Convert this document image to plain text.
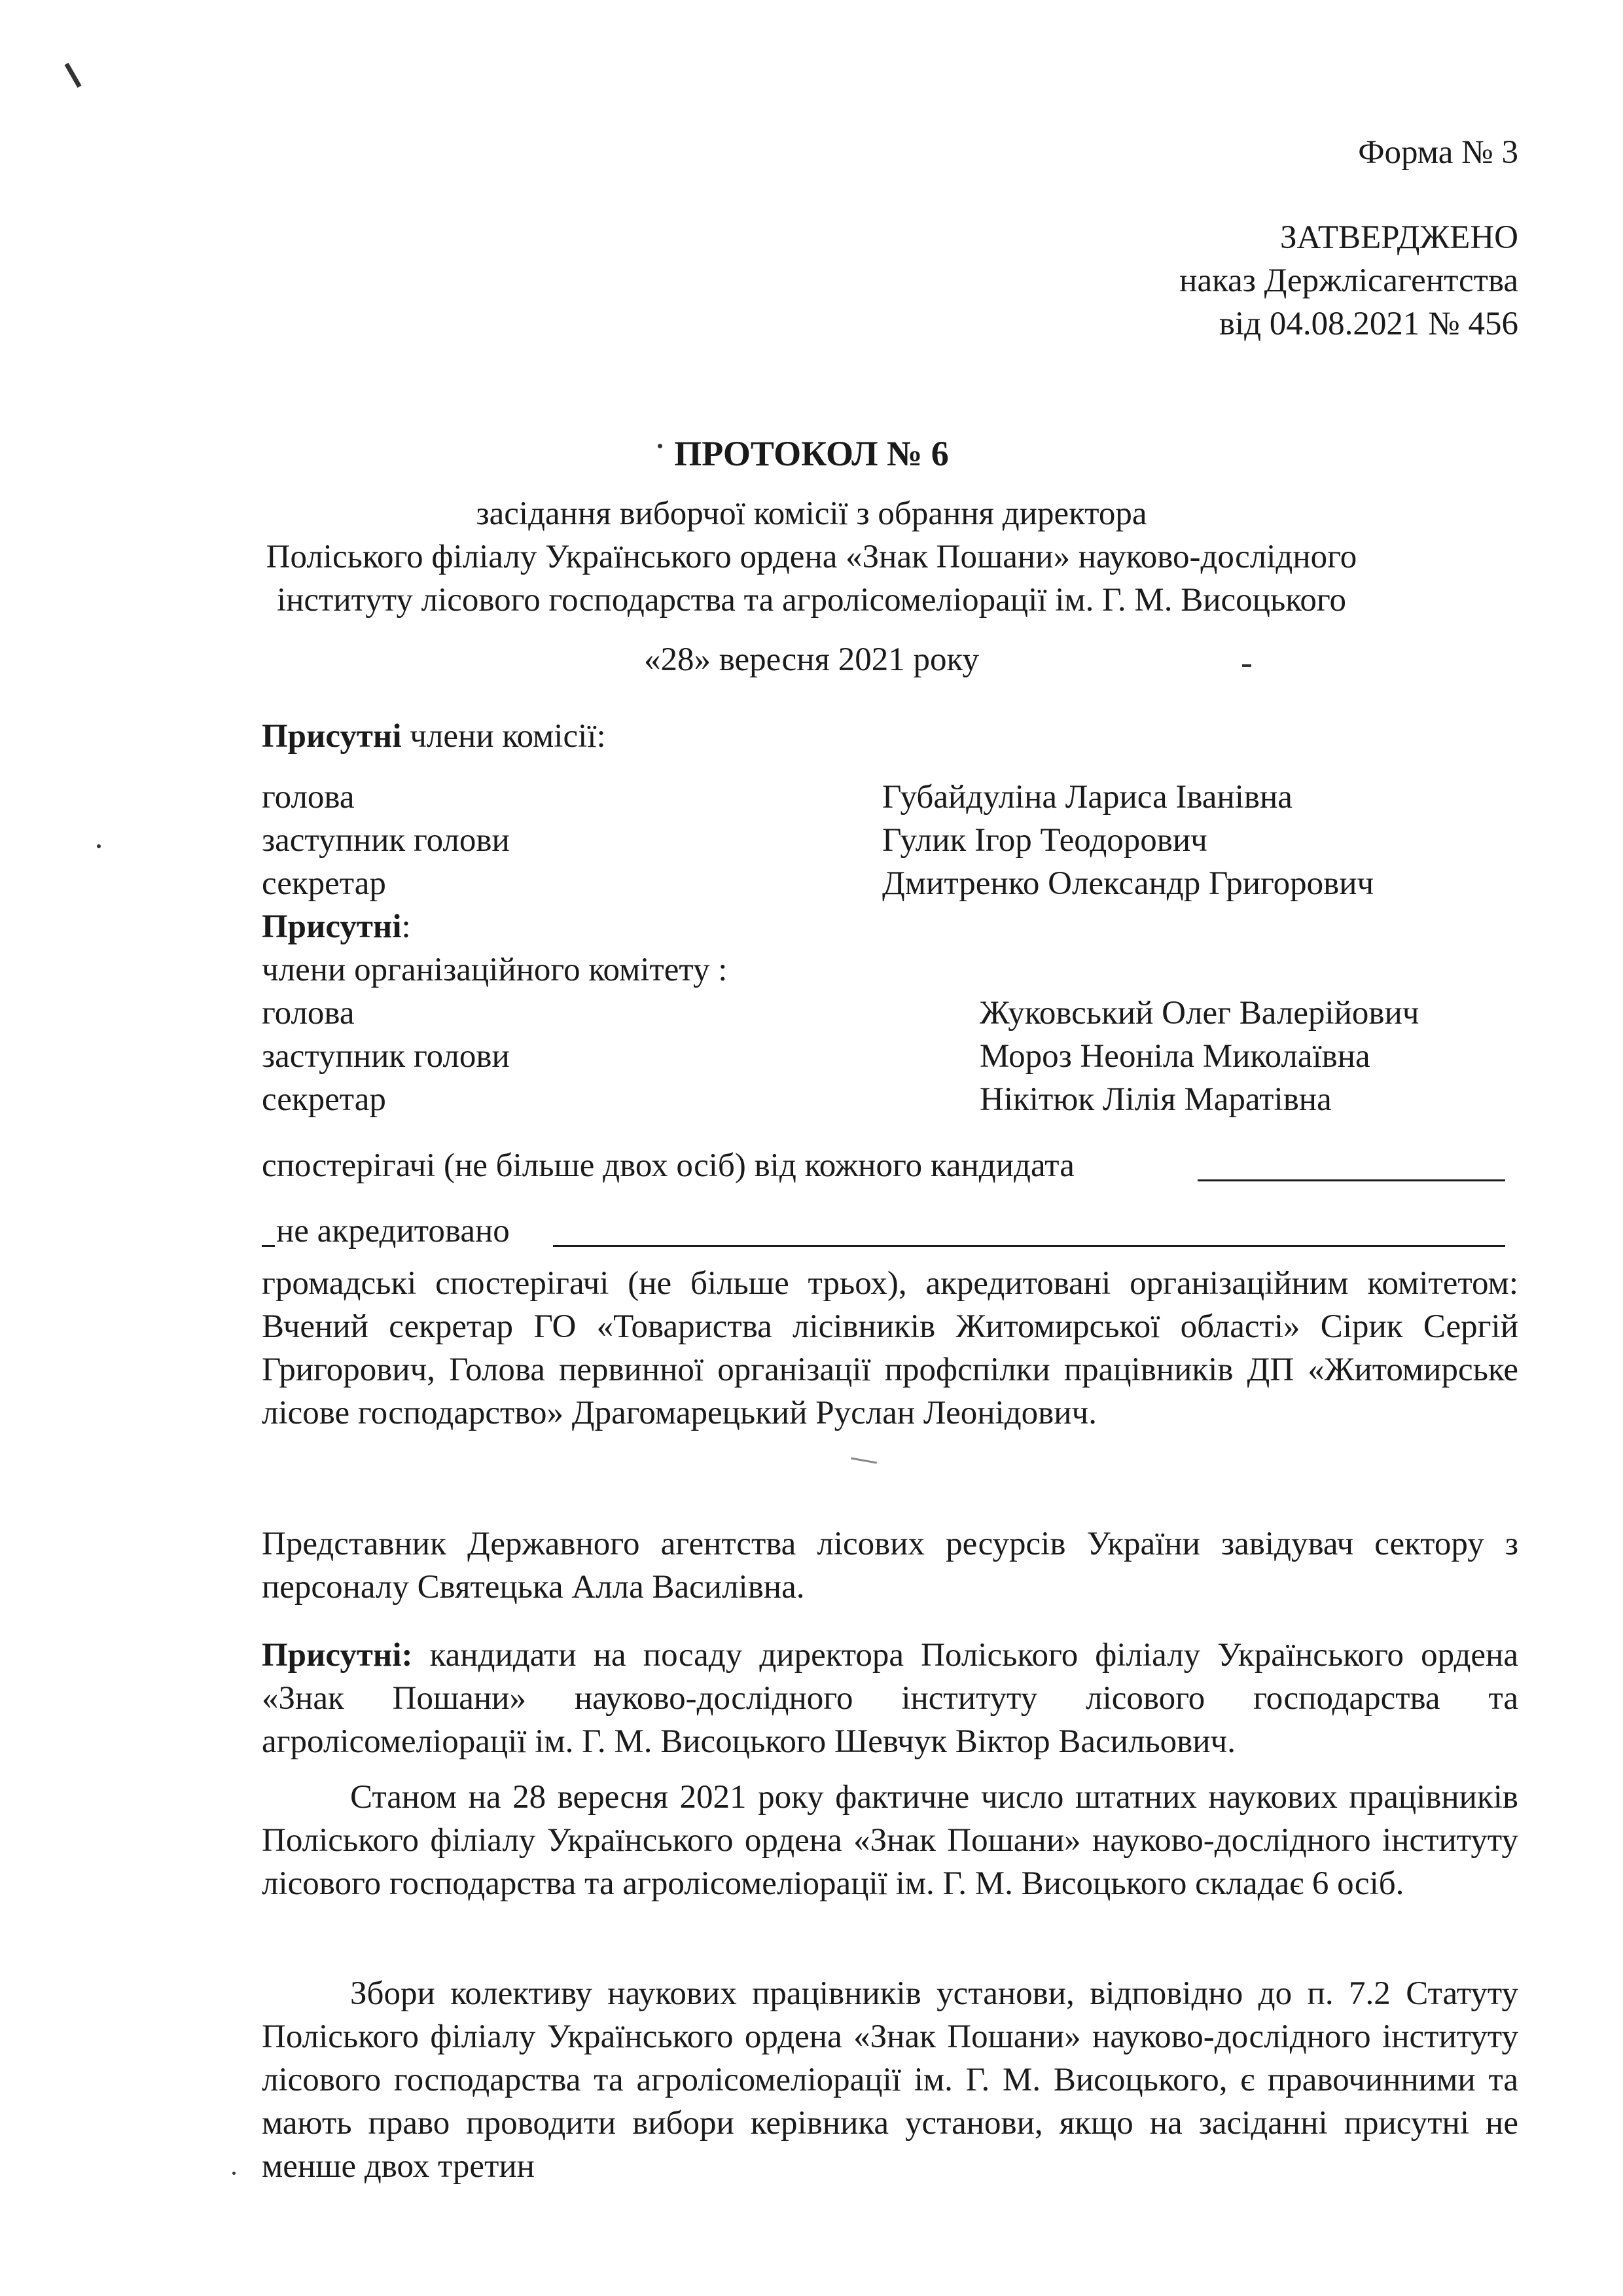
Форма № 3
ЗАТВЕРДЖЕНО
наказ Держлісагентства
від 04.08.2021 № 456
ПРОТОКОЛ № 6
засідання виборчої комісії з обрання директора
Поліського філіалу Українського ордена «Знак Пошани» науково-дослідного
інституту лісового господарства та агролісомеліорації ім. Г. М. Висоцького
«28» вересня 2021 року
Присутні члени комісії:
голова	Губайдуліна Лариса Іванівна
заступник голови	Гулик Ігор Теодорович
секретар	Дмитренко Олександр Григорович
Присутні:
члени організаційного комітету :
голова	Жуковський Олег Валерійович
заступник голови	Мороз Неоніла Миколаївна
секретар	Нікітюк Лілія Маратівна
спостерігачі (не більше двох осіб) від кожного кандидата
не акредитовано
громадські спостерігачі (не більше трьох), акредитовані організаційним комітетом: Вчений секретар ГО «Товариства лісівників Житомирської області» Сірик Сергій Григорович, Голова первинної організації профспілки працівників ДП «Житомирське лісове господарство» Драгомарецький Руслан Леонідович.
Представник Державного агентства лісових ресурсів України завідувач сектору з персоналу Святецька Алла Василівна.
Присутні: кандидати на посаду директора Поліського філіалу Українського ордена «Знак Пошани» науково-дослідного інституту лісового господарства та агролісомеліорації ім. Г. М. Висоцького Шевчук Віктор Васильович.
Станом на 28 вересня 2021 року фактичне число штатних наукових працівників Поліського філіалу Українського ордена «Знак Пошани» науково-дослідного інституту лісового господарства та агролісомеліорації ім. Г. М. Висоцького складає 6 осіб.
Збори колективу наукових працівників установи, відповідно до п. 7.2 Статуту Поліського філіалу Українського ордена «Знак Пошани» науково-дослідного інституту лісового господарства та агролісомеліорації ім. Г. М. Висоцького, є правочинними та мають право проводити вибори керівника установи, якщо на засіданні присутні не менше двох третин
